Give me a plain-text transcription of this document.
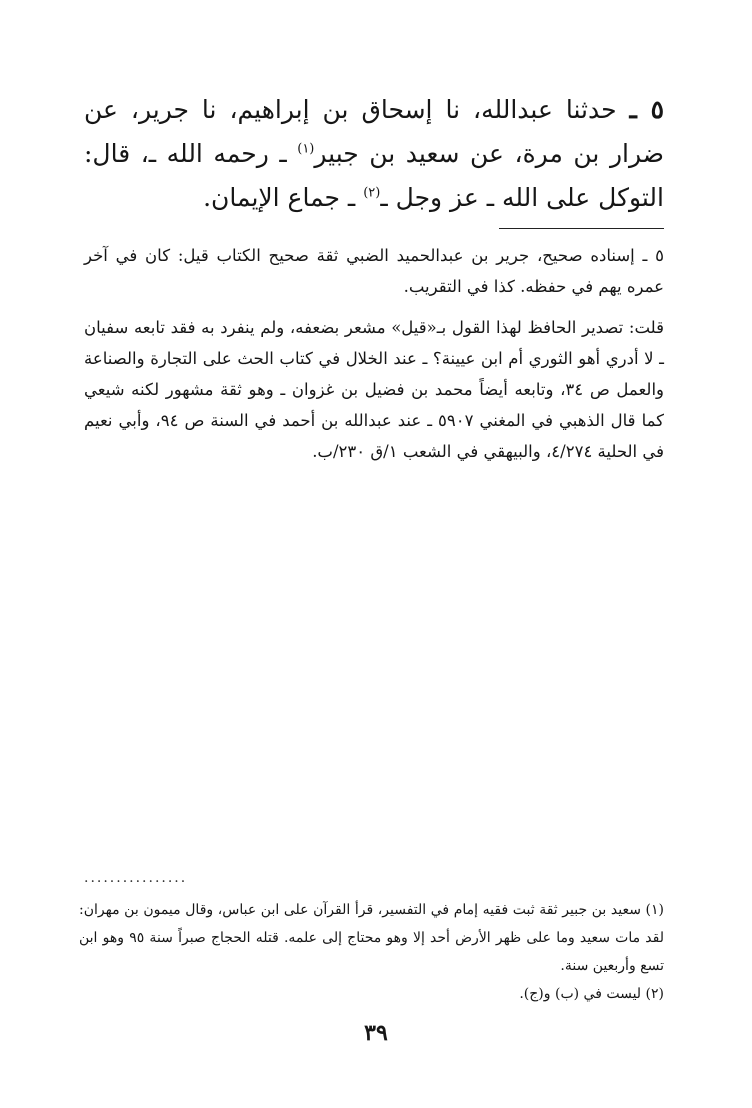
٥ ـ حدثنا عبدالله، نا إسحاق بن إبراهيم، نا جرير، عن ضرار بن مرة، عن سعيد بن جبير$^{(١)}$ ـ رحمه الله ـ، قال: التوكل على الله ـ عز وجل ـ$^{(٢)}$ ـ جماع الإيمان.

٥ ـ إسناده صحيح، جرير بن عبدالحميد الضبي ثقة صحيح الكتاب قيل: كان في آخر عمره يهم في حفظه. كذا في التقريب.

قلت: تصدير الحافظ لهذا القول بـ«قيل» مشعر بضعفه، ولم ينفرد به فقد تابعه سفيان ـ لا أدري أهو الثوري أم ابن عيينة؟ ـ عند الخلال في كتاب الحث على التجارة والصناعة والعمل ص ٣٤، وتابعه أيضاً محمد بن فضيل بن غزوان ـ وهو ثقة مشهور لكنه شيعي كما قال الذهبي في المغني ٥٩٠٧ ـ عند عبدالله بن أحمد في السنة ص ٩٤، وأبي نعيم في الحلية ٤/٢٧٤، والبيهقي في الشعب ١/ق ٢٣٠/ب.

................

(١) سعيد بن جبير ثقة ثبت فقيه إمام في التفسير، قرأ القرآن على ابن عباس، وقال ميمون بن مهران: لقد مات سعيد وما على ظهر الأرض أحد إلا وهو محتاج إلى علمه. قتله الحجاج صبراً سنة ٩٥ وهو ابن تسع وأربعين سنة.

(٢) ليست في (ب) و(ج).

٣٩
